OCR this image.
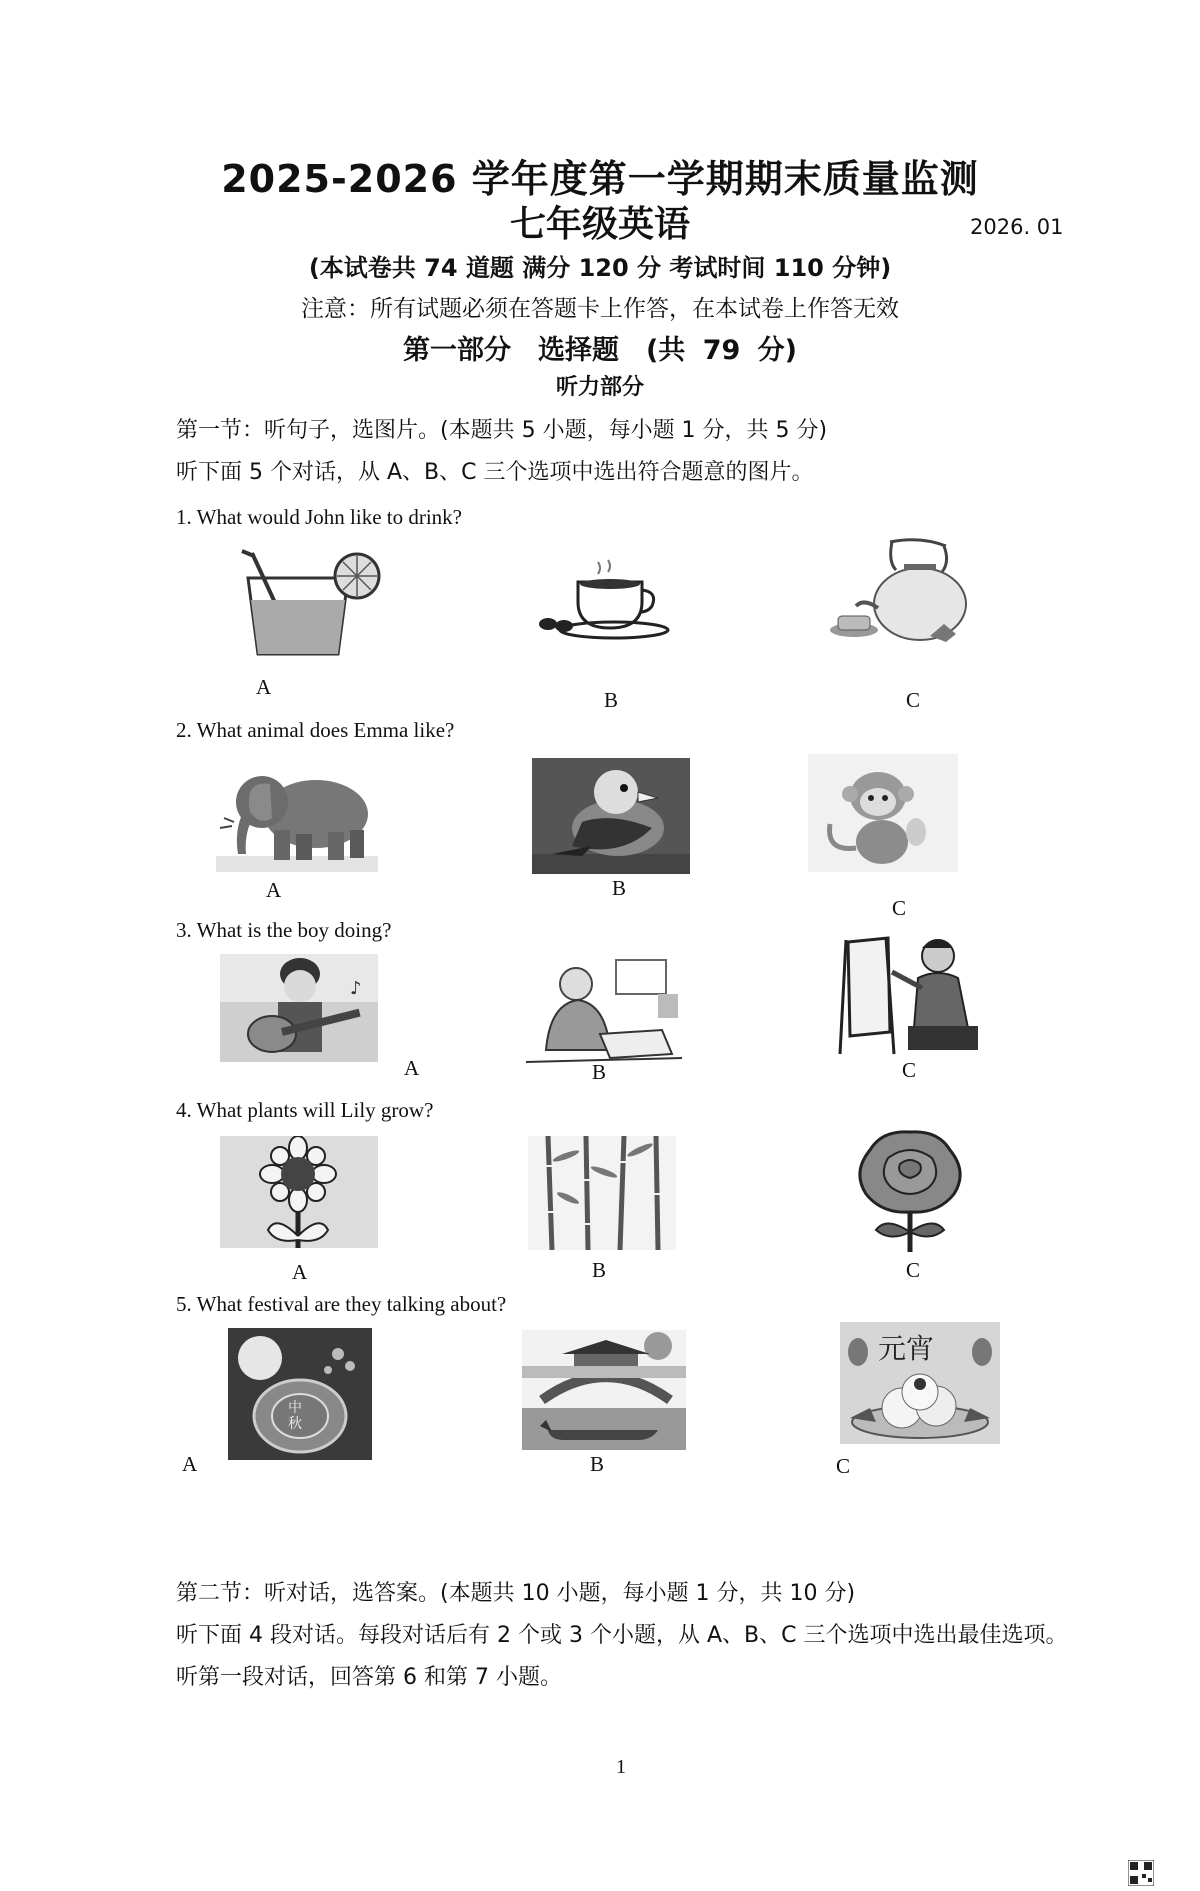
2025-2026 学年度第一学期期末质量监测
七年级英语	2026. 01
(本试卷共 74 道题 满分 120 分 考试时间 110 分钟)
注意：所有试题必须在答题卡上作答，在本试卷上作答无效
第一部分　选择题　(共 79 分)
听力部分
第一节：听句子，选图片。(本题共 5 小题，每小题 1 分，共 5 分)
听下面 5 个对话，从 A、B、C 三个选项中选出符合题意的图片。
1. What would John like to drink?
A
B	C
2. What animal does Emma like?
A	B
C
3. What is the boy doing?
♪
A	B	C
4. What plants will Lily grow?
A	B	C
5. What festival are they talking about?
中
秋
A	B
元宵
C
第二节：听对话，选答案。(本题共 10 小题，每小题 1 分，共 10 分)
听下面 4 段对话。每段对话后有 2 个或 3 个小题，从 A、B、C 三个选项中选出最佳选项。
听第一段对话，回答第 6 和第 7 小题。
1
